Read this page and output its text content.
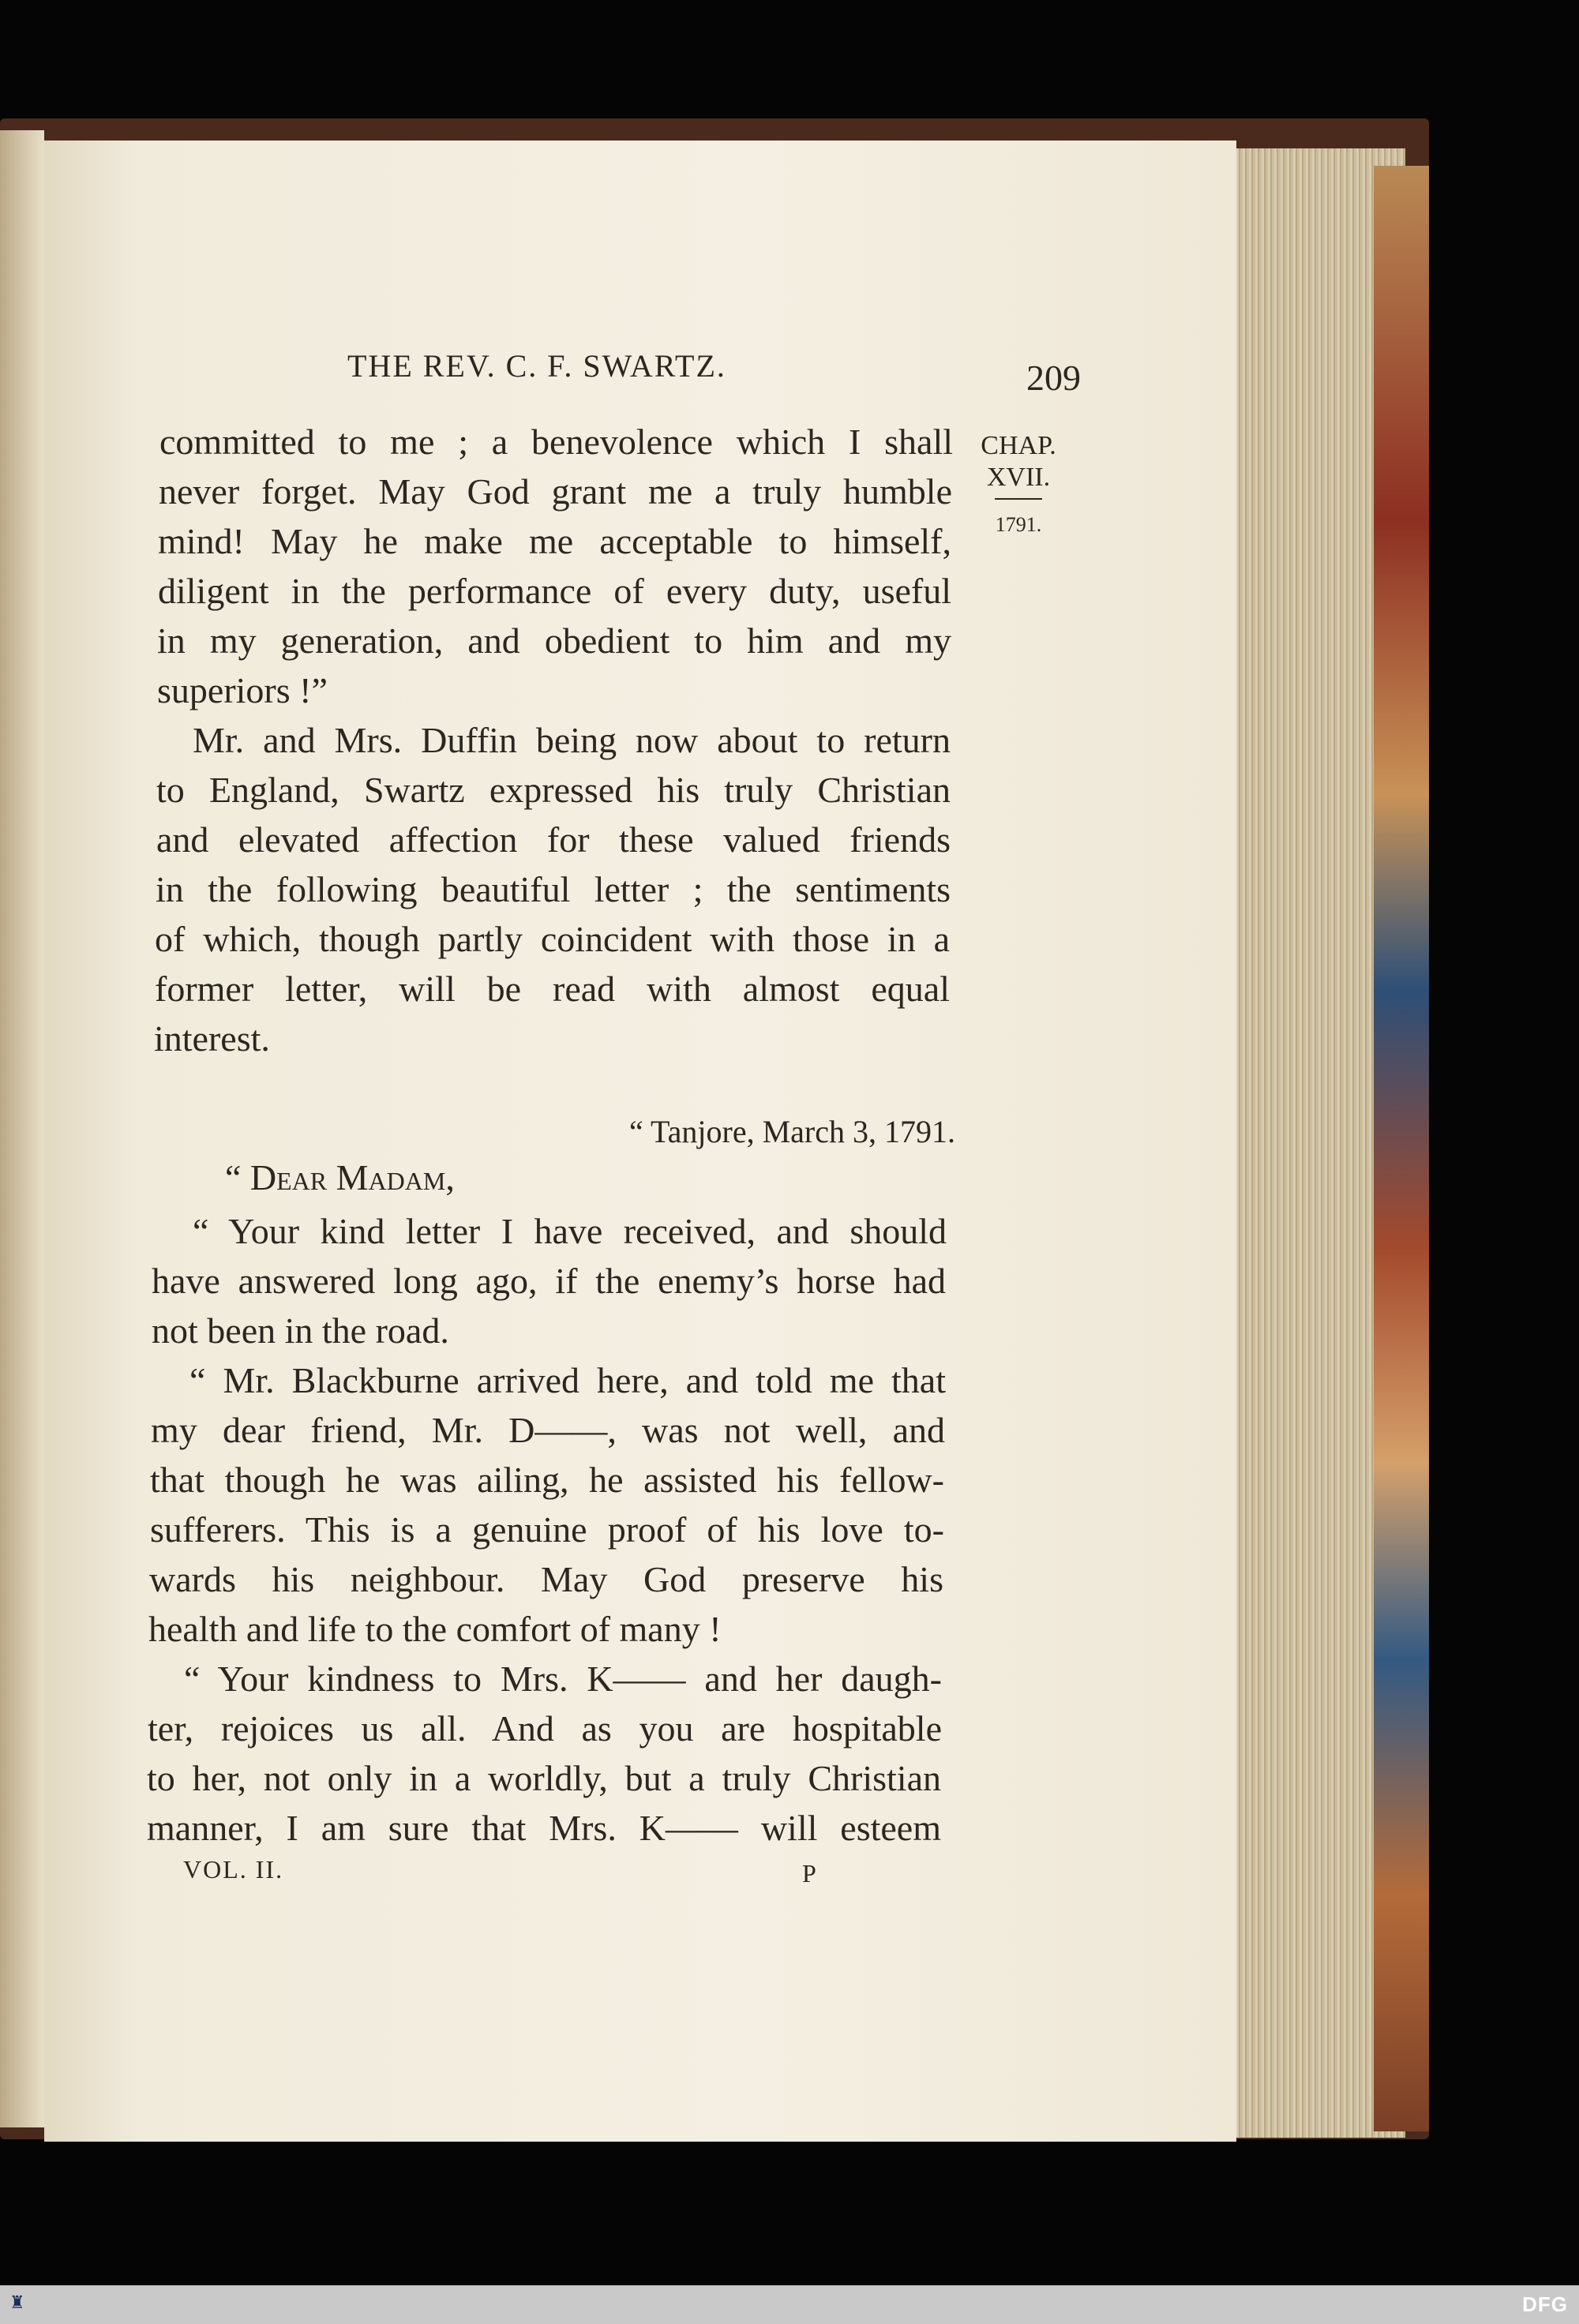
THE REV. C. F. SWARTZ.	209
CHAP.
XVII.
1791.
committed to me ; a benevolence which I shall
never forget. May God grant me a truly humble
mind! May he make me acceptable to himself,
diligent in the performance of every duty, useful
in my generation, and obedient to him and my
superiors !”
Mr. and Mrs. Duffin being now about to return
to England, Swartz expressed his truly Christian
and elevated affection for these valued friends
in the following beautiful letter ; the sentiments
of which, though partly coincident with those in a
former letter, will be read with almost equal
interest.
“ Tanjore, March 3, 1791.
“ Dear Madam,
“ Your kind letter I have received, and should
have answered long ago, if the enemy’s horse had
not been in the road.
“ Mr. Blackburne arrived here, and told me that
my dear friend, Mr. D——, was not well, and
that though he was ailing, he assisted his fellow-
sufferers. This is a genuine proof of his love to-
wards his neighbour. May God preserve his
health and life to the comfort of many !
“ Your kindness to Mrs. K—— and her daugh-
ter, rejoices us all. And as you are hospitable
to her, not only in a worldly, but a truly Christian
manner, I am sure that Mrs. K—— will esteem
VOL. II.	P
♜	DFG
